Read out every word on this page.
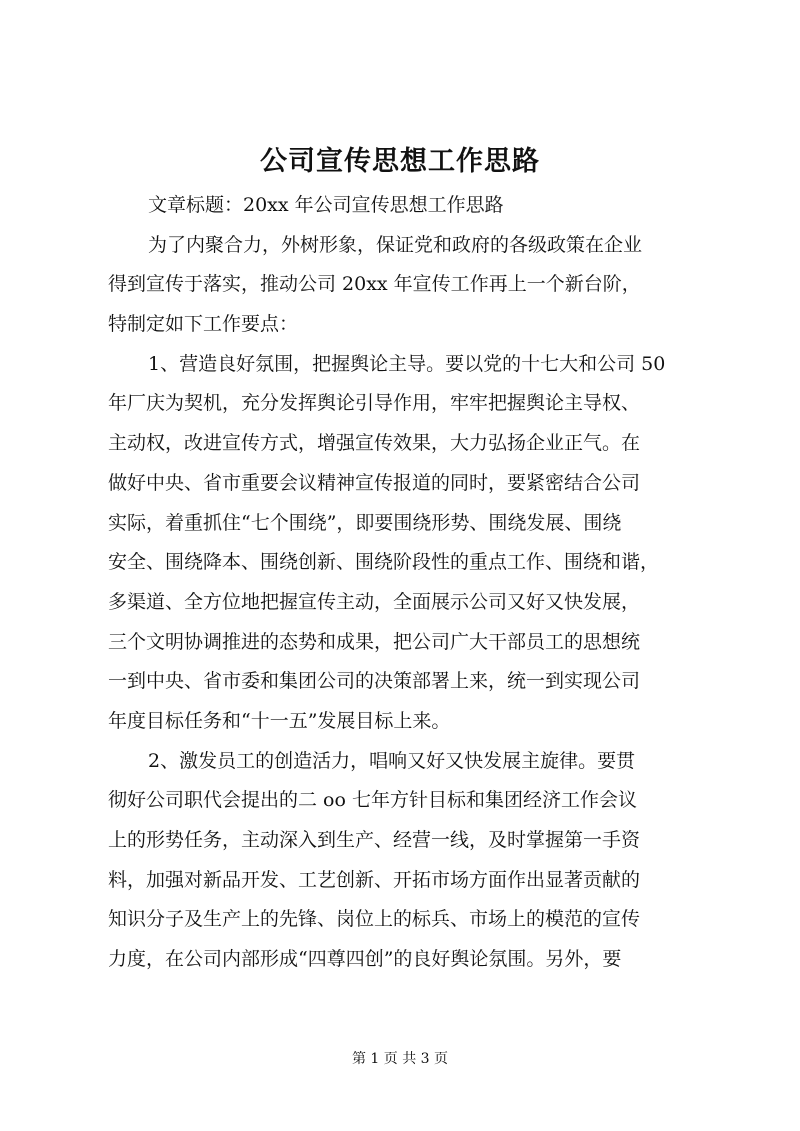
公司宣传思想工作思路
文章标题：20xx 年公司宣传思想工作思路
为了内聚合力，外树形象，保证党和政府的各级政策在企业
得到宣传于落实，推动公司 20xx 年宣传工作再上一个新台阶，
特制定如下工作要点：
1、营造良好氛围，把握舆论主导。要以党的十七大和公司 50
年厂庆为契机，充分发挥舆论引导作用，牢牢把握舆论主导权、
主动权，改进宣传方式，增强宣传效果，大力弘扬企业正气。在
做好中央、省市重要会议精神宣传报道的同时，要紧密结合公司
实际，着重抓住“七个围绕”，即要围绕形势、围绕发展、围绕
安全、围绕降本、围绕创新、围绕阶段性的重点工作、围绕和谐，
多渠道、全方位地把握宣传主动，全面展示公司又好又快发展，
三个文明协调推进的态势和成果，把公司广大干部员工的思想统
一到中央、省市委和集团公司的决策部署上来，统一到实现公司
年度目标任务和“十一五”发展目标上来。
2、激发员工的创造活力，唱响又好又快发展主旋律。要贯
彻好公司职代会提出的二 oo 七年方针目标和集团经济工作会议
上的形势任务，主动深入到生产、经营一线，及时掌握第一手资
料，加强对新品开发、工艺创新、开拓市场方面作出显著贡献的
知识分子及生产上的先锋、岗位上的标兵、市场上的模范的宣传
力度，在公司内部形成“四尊四创”的良好舆论氛围。另外，要
第 1 页 共 3 页
